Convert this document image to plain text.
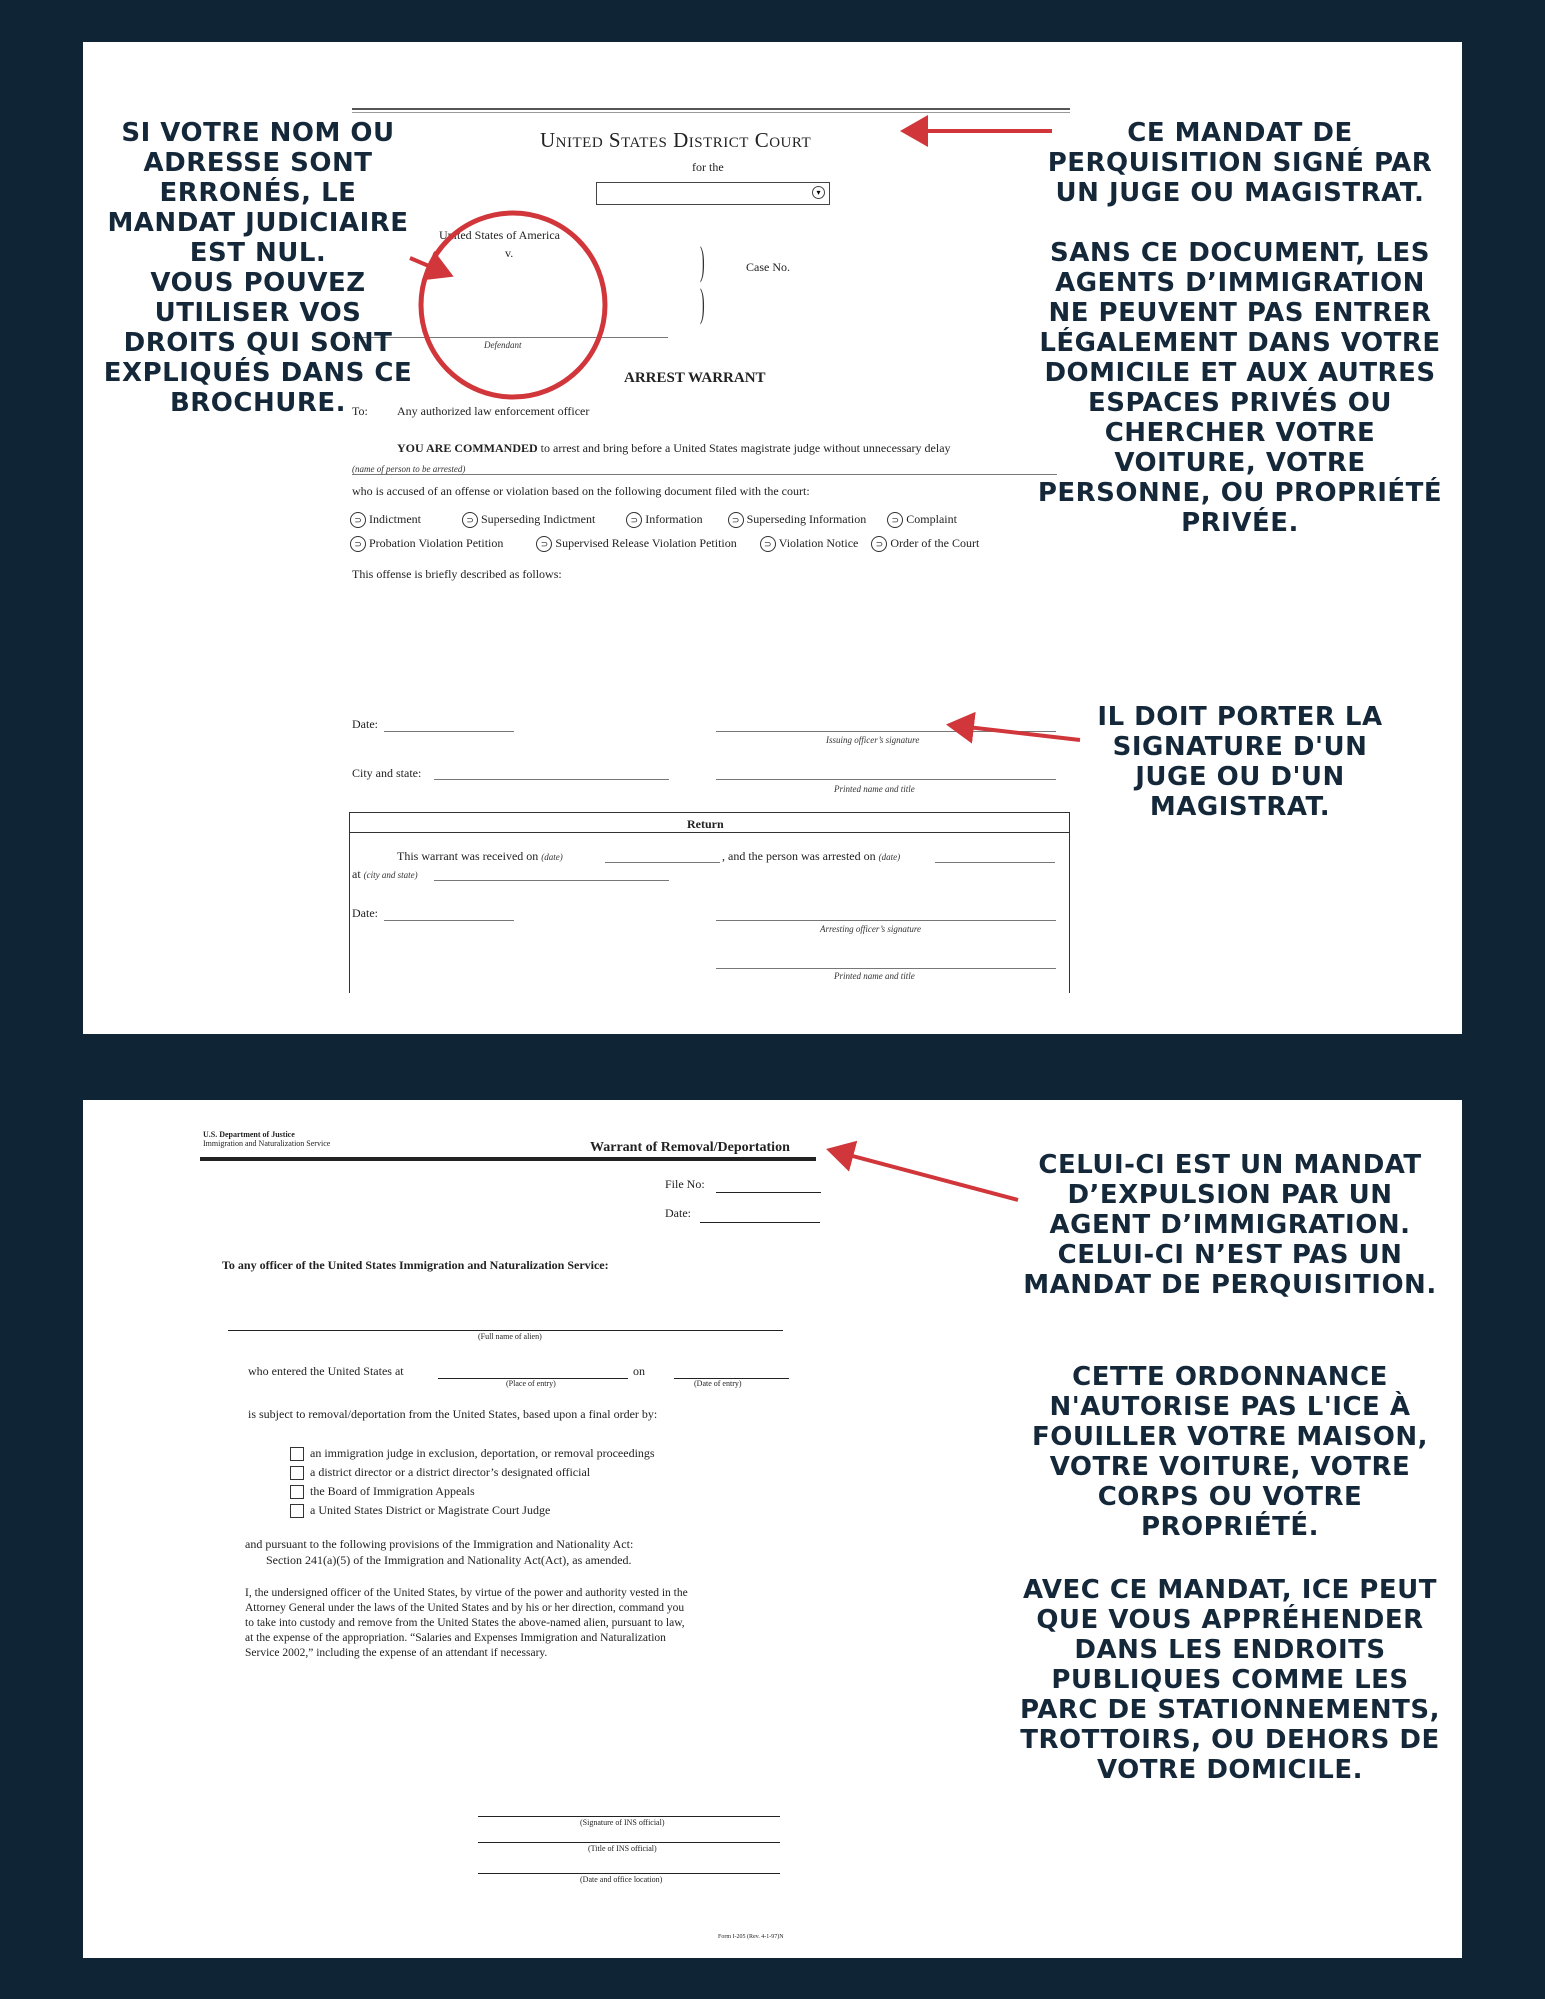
United States District Court
for the
▾
United States of America
v.	)
)
Case No.
Defendant
ARREST WARRANT
To: Any authorized law enforcement officer
YOU ARE COMMANDED to arrest and bring before a United States magistrate judge without unnecessary delay
(name of person to be arrested)
who is accused of an offense or violation based on the following document filed with the court:
⊃ Indictment	⊃ Superseding Indictment	⊃ Information	⊃ Superseding Information	⊃ Complaint
⊃ Probation Violation Petition	⊃ Supervised Release Violation Petition	⊃ Violation Notice ⊃ Order of the Court
This offense is briefly described as follows:
Date:
Issuing officer’s signature
City and state:
Printed name and title
Return
This warrant was received on (date)	, and the person was arrested on (date)
at (city and state)
Date:
Arresting officer’s signature
Printed name and title
SI VOTRE NOM OU
ADRESSE SONT
ERRONÉS, LE
MANDAT JUDICIAIRE
EST NUL.
VOUS POUVEZ
UTILISER VOS
DROITS QUI SONT
EXPLIQUÉS DANS CE
BROCHURE.
CE MANDAT DE
PERQUISITION SIGNÉ PAR
UN JUGE OU MAGISTRAT.
SANS CE DOCUMENT, LES
AGENTS D’IMMIGRATION
NE PEUVENT PAS ENTRER
LÉGALEMENT DANS VOTRE
DOMICILE ET AUX AUTRES
ESPACES PRIVÉS OU
CHERCHER VOTRE
VOITURE, VOTRE
PERSONNE, OU PROPRIÉTÉ
PRIVÉE.
IL DOIT PORTER LA
SIGNATURE D'UN
JUGE OU D'UN
MAGISTRAT.
U.S. Department of Justice
Immigration and Naturalization Service	Warrant of Removal/Deportation
File No:
Date:
To any officer of the United States Immigration and Naturalization Service:
(Full name of alien)
who entered the United States at	on
(Place of entry)	(Date of entry)
is subject to removal/deportation from the United States, based upon a final order by:
an immigration judge in exclusion, deportation, or removal proceedings
a district director or a district director’s designated official
the Board of Immigration Appeals
a United States District or Magistrate Court Judge
and pursuant to the following provisions of the Immigration and Nationality Act:
Section 241(a)(5) of the Immigration and Nationality Act(Act), as amended.
I, the undersigned officer of the United States, by virtue of the power and authority vested in the
Attorney General under the laws of the United States and by his or her direction, command you
to take into custody and remove from the United States the above-named alien, pursuant to law,
at the expense of the appropriation. “Salaries and Expenses Immigration and Naturalization
Service 2002,” including the expense of an attendant if necessary.
(Signature of INS official)
(Title of INS official)
(Date and office location)
Form I-205 (Rev. 4-1-97)N
CELUI-CI EST UN MANDAT
D’EXPULSION PAR UN
AGENT D’IMMIGRATION.
CELUI-CI N’EST PAS UN
MANDAT DE PERQUISITION.
CETTE ORDONNANCE
N'AUTORISE PAS L'ICE À
FOUILLER VOTRE MAISON,
VOTRE VOITURE, VOTRE
CORPS OU VOTRE
PROPRIÉTÉ.
AVEC CE MANDAT, ICE PEUT
QUE VOUS APPRÉHENDER
DANS LES ENDROITS
PUBLIQUES COMME LES
PARC DE STATIONNEMENTS,
TROTTOIRS, OU DEHORS DE
VOTRE DOMICILE.
